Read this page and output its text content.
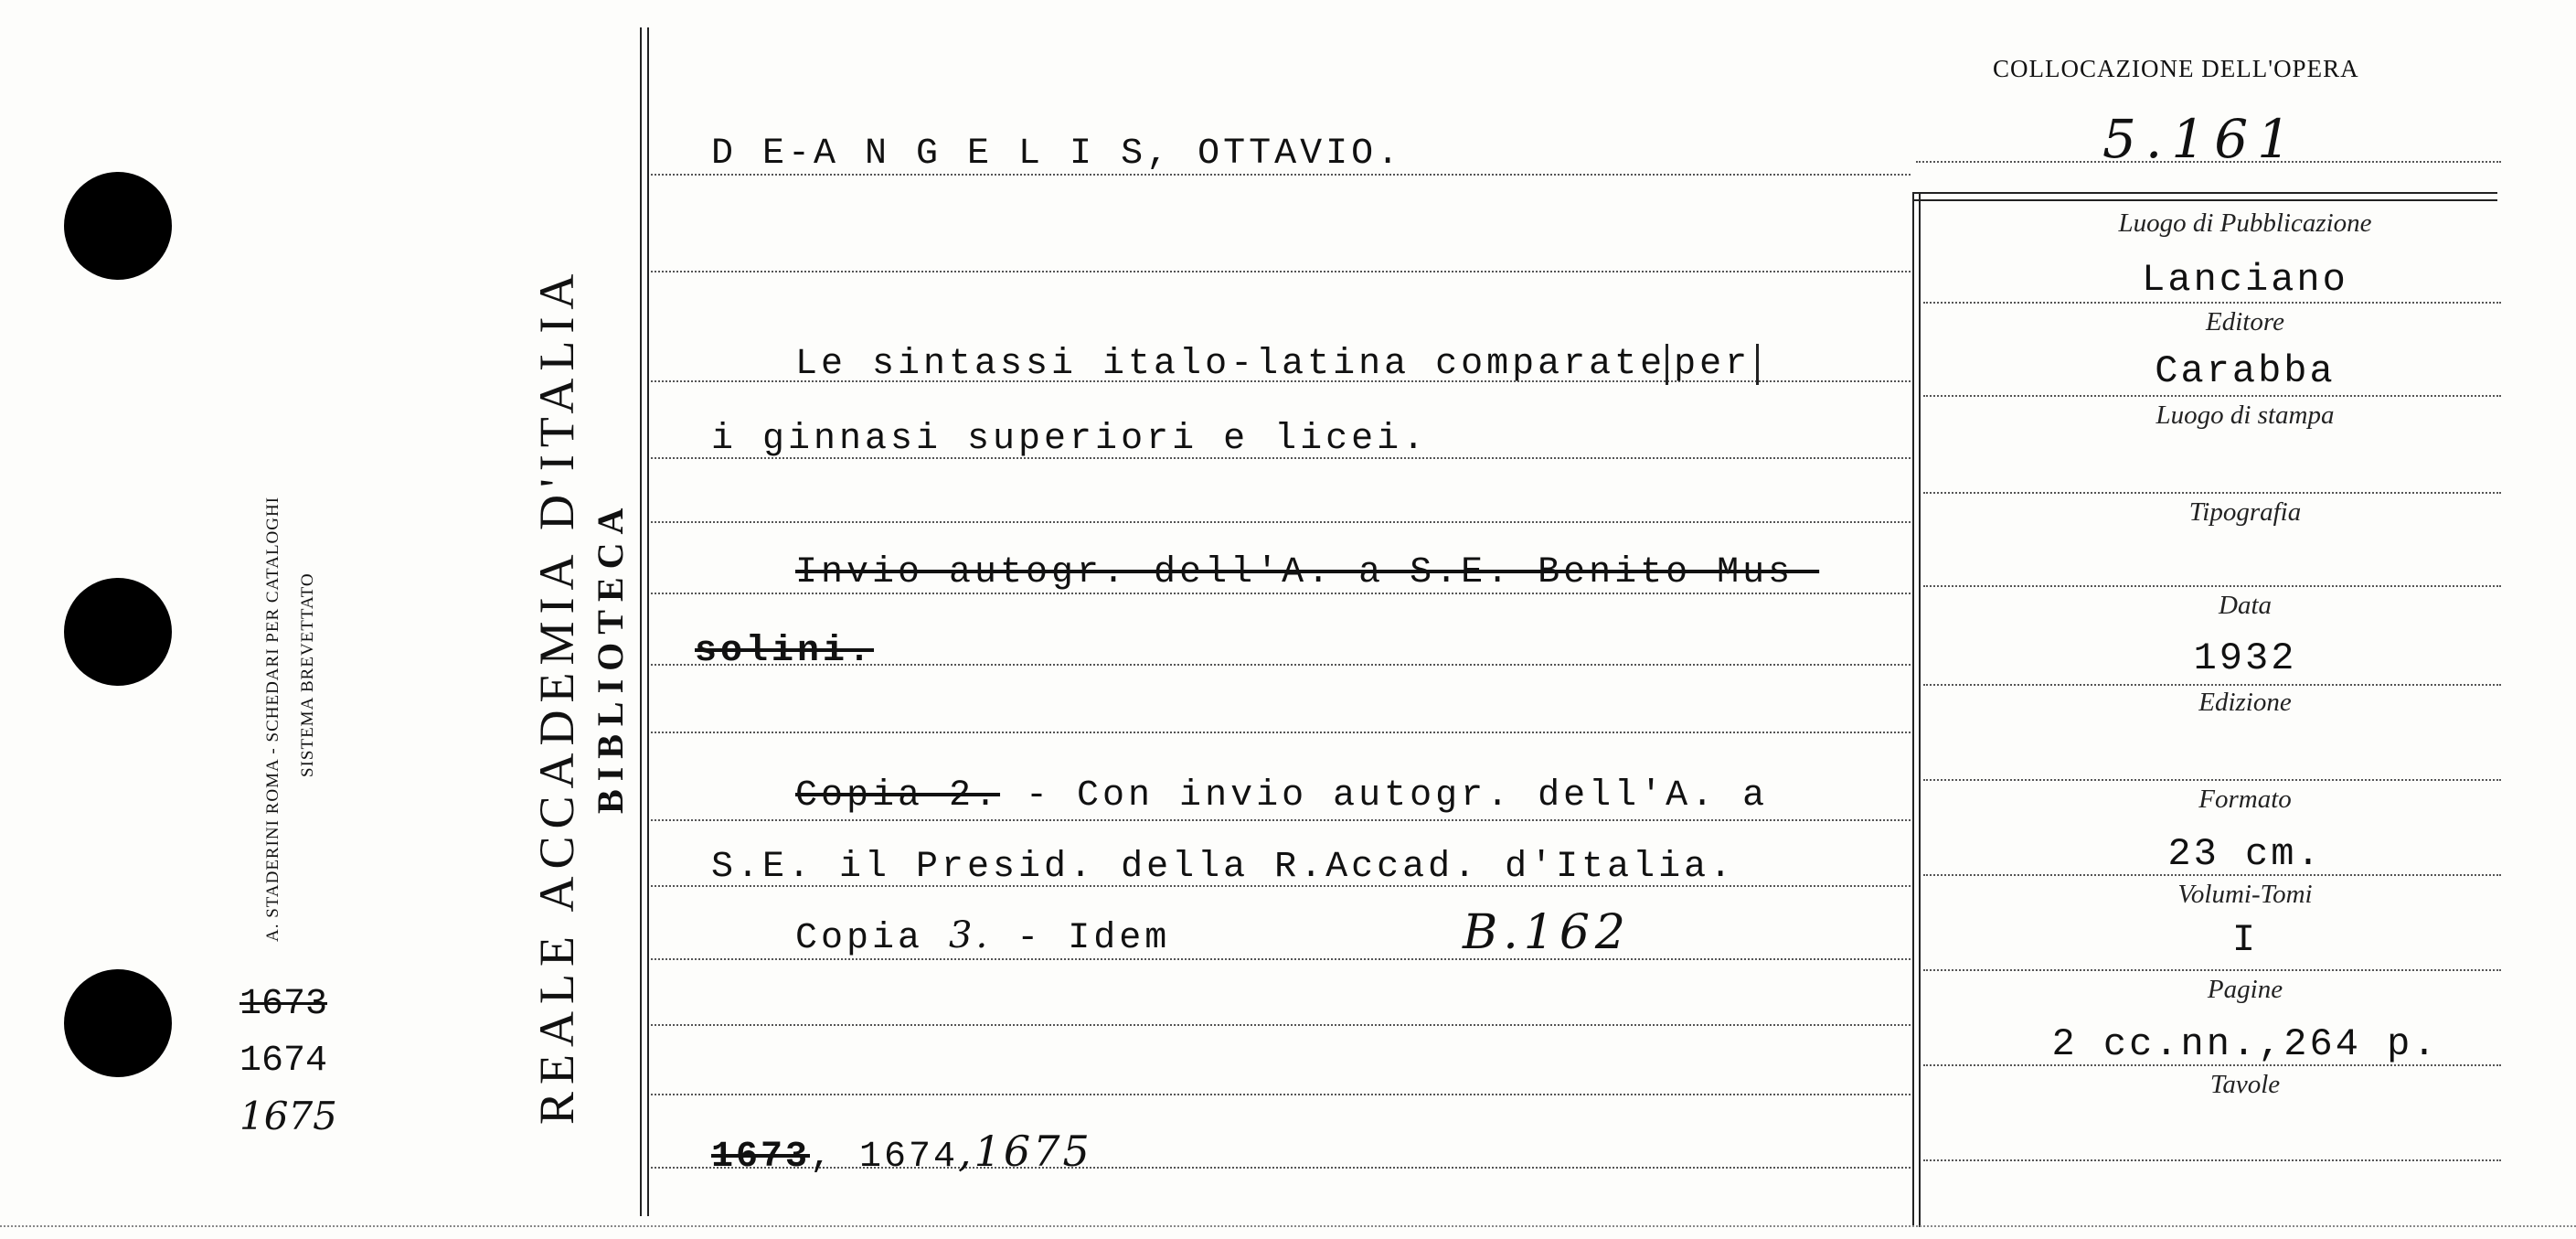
A. STADERINI ROMA - SCHEDARI PER CATALOGHI SISTEMA BREVETTATO
1673
1674
1675	REALE ACCADEMIA D'ITALIA BIBLIOTECA
D E-A N G E L I S, OTTAVIO.
Le sintassi italo-latina comparate per
i ginnasi superiori e licei.
Invio autogr. dell'A. a S.E. Benito Mus-
solini.
Copia 2. - Con invio autogr. dell'A. a
S.E. il Presid. della R.Accad. d'Italia.
Copia 3. - Idem	B.162
1673, 1674,1675
COLLOCAZIONE DELL'OPERA
5.161
Luogo di Pubblicazione
Lanciano
Editore
Carabba
Luogo di stampa
Tipografia
Data
1932
Edizione
Formato
23 cm.
Volumi-Tomi
I
Pagine
2 cc.nn.,264 p.
Tavole
